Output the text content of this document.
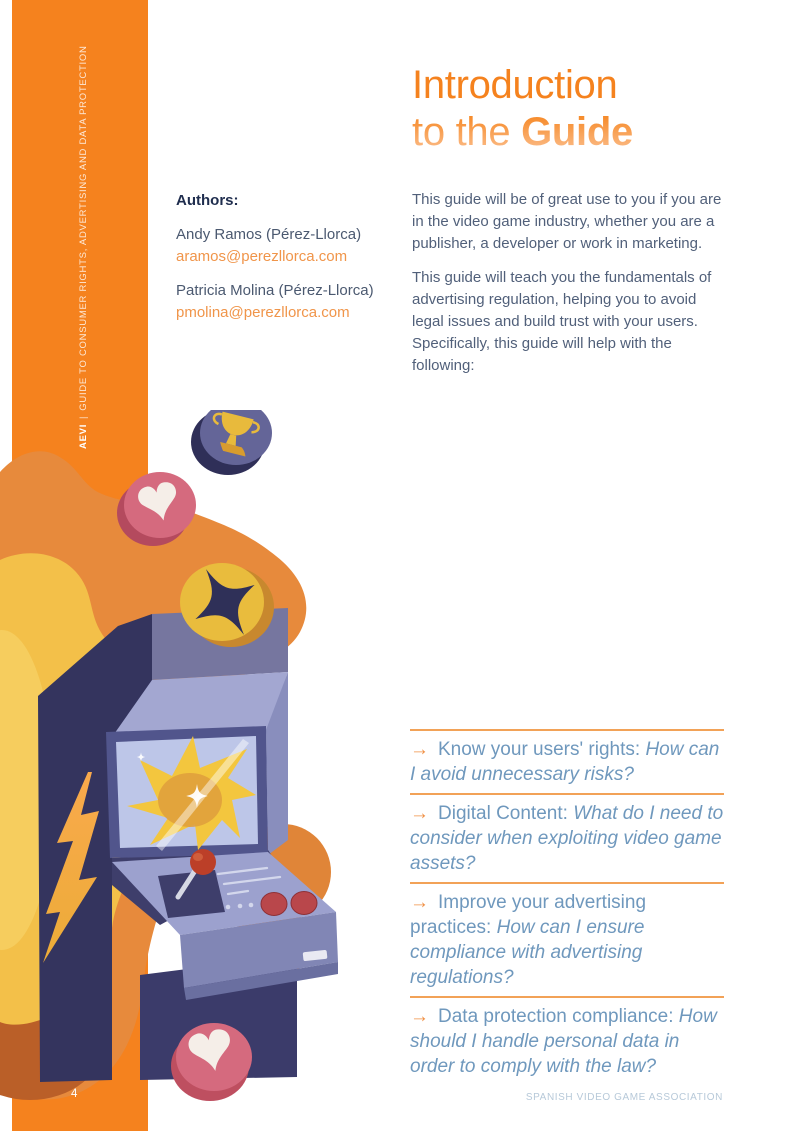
AEVI|GUIDE TO CONSUMER RIGHTS, ADVERTISING AND DATA PROTECTION	Introduction
to the Guide
Authors:
Andy Ramos (Pérez-Llorca)
aramos@perezllorca.com
Patricia Molina (Pérez-Llorca)
pmolina@perezllorca.com

This guide will be of great use to you if you are in the video game industry, whether you are a publisher, a developer or work in marketing.

This guide will teach you the fundamentals of advertising regulation, helping you to avoid legal issues and build trust with your users. Specifically, this guide will help with the following:

→ Know your users' rights: How can I avoid unnecessary risks?
→ Digital Content: What do I need to consider when exploiting video game assets?
→ Improve your advertising practices: How can I ensure compliance with advertising regulations?
→ Data protection compliance: How should I handle personal data in order to comply with the law?
4	SPANISH VIDEO GAME ASSOCIATION
